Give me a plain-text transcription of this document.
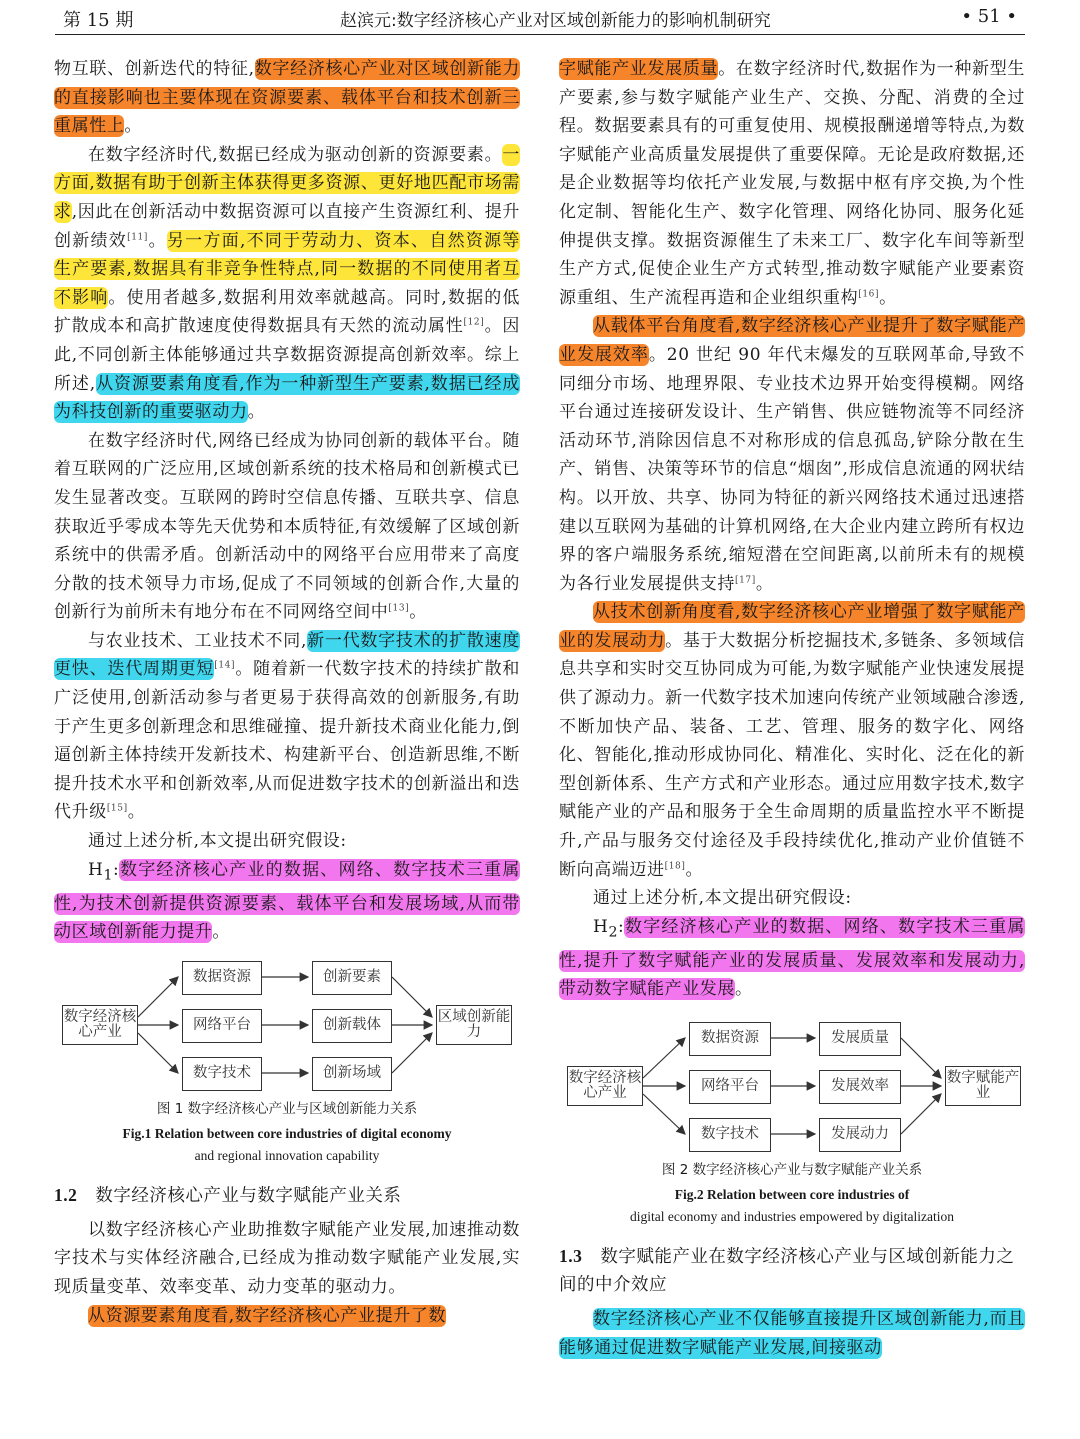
第 15 期	赵滨元:数字经济核心产业对区域创新能力的影响机制研究	• 51 •

物互联、创新迭代的特征,数字经济核心产业对区域创新能力的直接影响也主要体现在资源要素、载体平台和技术创新三重属性上。

在数字经济时代,数据已经成为驱动创新的资源要素。一方面,数据有助于创新主体获得更多资源、更好地匹配市场需求,因此在创新活动中数据资源可以直接产生资源红利、提升创新绩效[11]。另一方面,不同于劳动力、资本、自然资源等生产要素,数据具有非竞争性特点,同一数据的不同使用者互不影响。使用者越多,数据利用效率就越高。同时,数据的低扩散成本和高扩散速度使得数据具有天然的流动属性[12]。因此,不同创新主体能够通过共享数据资源提高创新效率。综上所述,从资源要素角度看,作为一种新型生产要素,数据已经成为科技创新的重要驱动力。

在数字经济时代,网络已经成为协同创新的载体平台。随着互联网的广泛应用,区域创新系统的技术格局和创新模式已发生显著改变。互联网的跨时空信息传播、互联共享、信息获取近乎零成本等先天优势和本质特征,有效缓解了区域创新系统中的供需矛盾。创新活动中的网络平台应用带来了高度分散的技术领导力市场,促成了不同领域的创新合作,大量的创新行为前所未有地分布在不同网络空间中[13]。

与农业技术、工业技术不同,新一代数字技术的扩散速度更快、迭代周期更短[14]。随着新一代数字技术的持续扩散和广泛使用,创新活动参与者更易于获得高效的创新服务,有助于产生更多创新理念和思维碰撞、提升新技术商业化能力,倒逼创新主体持续开发新技术、构建新平台、创造新思维,不断提升技术水平和创新效率,从而促进数字技术的创新溢出和迭代升级[15]。

通过上述分析,本文提出研究假设:

$H_1$:数字经济核心产业的数据、网络、数字技术三重属性,为技术创新提供资源要素、载体平台和发展场域,从而带动区域创新能力提升。

数字经济核心产业
数据资源
网络平台
数字技术
创新要素
创新载体
创新场域
区域创新能力

图 1 数字经济核心产业与区域创新能力关系

Fig.1 Relation between core industries of digital economy
and regional innovation capability

1.2 数字经济核心产业与数字赋能产业关系

以数字经济核心产业助推数字赋能产业发展,加速推动数字技术与实体经济融合,已经成为推动数字赋能产业发展,实现质量变革、效率变革、动力变革的驱动力。

从资源要素角度看,数字经济核心产业提升了数

字赋能产业发展质量。在数字经济时代,数据作为一种新型生产要素,参与数字赋能产业生产、交换、分配、消费的全过程。数据要素具有的可重复使用、规模报酬递增等特点,为数字赋能产业高质量发展提供了重要保障。无论是政府数据,还是企业数据等均依托产业发展,与数据中枢有序交换,为个性化定制、智能化生产、数字化管理、网络化协同、服务化延伸提供支撑。数据资源催生了未来工厂、数字化车间等新型生产方式,促使企业生产方式转型,推动数字赋能产业要素资源重组、生产流程再造和企业组织重构[16]。

从载体平台角度看,数字经济核心产业提升了数字赋能产业发展效率。20 世纪 90 年代末爆发的互联网革命,导致不同细分市场、地理界限、专业技术边界开始变得模糊。网络平台通过连接研发设计、生产销售、供应链物流等不同经济活动环节,消除因信息不对称形成的信息孤岛,铲除分散在生产、销售、决策等环节的信息“烟囱”,形成信息流通的网状结构。以开放、共享、协同为特征的新兴网络技术通过迅速搭建以互联网为基础的计算机网络,在大企业内建立跨所有权边界的客户端服务系统,缩短潜在空间距离,以前所未有的规模为各行业发展提供支持[17]。

从技术创新角度看,数字经济核心产业增强了数字赋能产业的发展动力。基于大数据分析挖掘技术,多链条、多领域信息共享和实时交互协同成为可能,为数字赋能产业快速发展提供了源动力。新一代数字技术加速向传统产业领域融合渗透,不断加快产品、装备、工艺、管理、服务的数字化、网络化、智能化,推动形成协同化、精准化、实时化、泛在化的新型创新体系、生产方式和产业形态。通过应用数字技术,数字赋能产业的产品和服务于全生命周期的质量监控水平不断提升,产品与服务交付途径及手段持续优化,推动产业价值链不断向高端迈进[18]。

通过上述分析,本文提出研究假设:

$H_2$:数字经济核心产业的数据、网络、数字技术三重属性,提升了数字赋能产业的发展质量、发展效率和发展动力,带动数字赋能产业发展。

数字经济核心产业
数据资源
网络平台
数字技术
发展质量
发展效率
发展动力
数字赋能产业

图 2 数字经济核心产业与数字赋能产业关系

Fig.2 Relation between core industries of
digital economy and industries empowered by digitalization

1.3 数字赋能产业在数字经济核心产业与区域创新能力之间的中介效应

数字经济核心产业不仅能够直接提升区域创新能力,而且能够通过促进数字赋能产业发展,间接驱动
